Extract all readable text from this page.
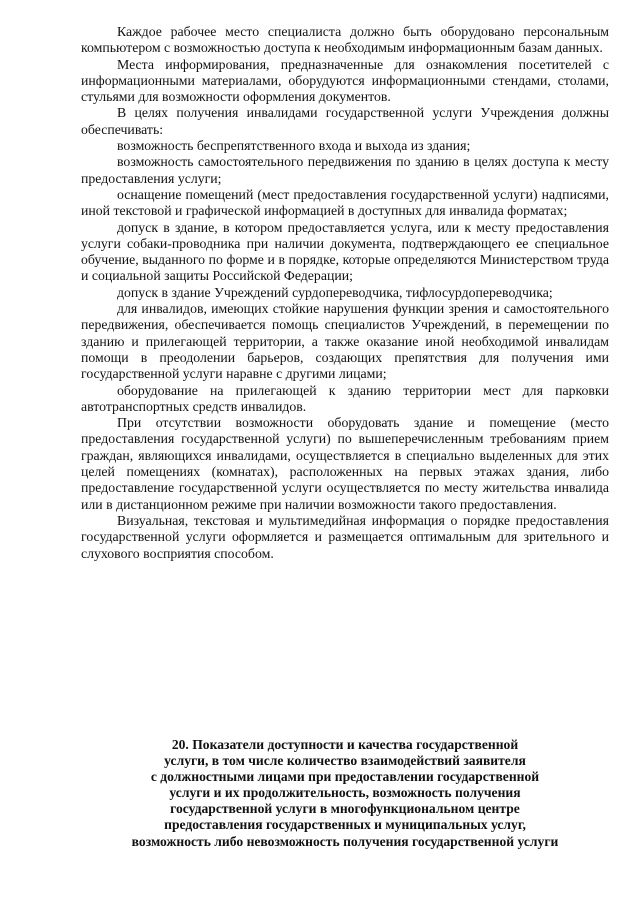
Каждое рабочее место специалиста должно быть оборудовано персональным компьютером с возможностью доступа к необходимым информационным базам данных.

Места информирования, предназначенные для ознакомления посетителей с информационными материалами, оборудуются информационными стендами, столами, стульями для возможности оформления документов.

В целях получения инвалидами государственной услуги Учреждения должны обеспечивать:

возможность беспрепятственного входа и выхода из здания;

возможность самостоятельного передвижения по зданию в целях доступа к месту предоставления услуги;

оснащение помещений (мест предоставления государственной услуги) надписями, иной текстовой и графической информацией в доступных для инвалида форматах;

допуск в здание, в котором предоставляется услуга, или к месту предоставления услуги собаки-проводника при наличии документа, подтверждающего ее специальное обучение, выданного по форме и в порядке, которые определяются Министерством труда и социальной защиты Российской Федерации;

допуск в здание Учреждений сурдопереводчика, тифлосурдопереводчика;

для инвалидов, имеющих стойкие нарушения функции зрения и самостоятельного передвижения, обеспечивается помощь специалистов Учреждений, в перемещении по зданию и прилегающей территории, а также оказание иной необходимой инвалидам помощи в преодолении барьеров, создающих препятствия для получения ими государственной услуги наравне с другими лицами;

оборудование на прилегающей к зданию территории мест для парковки автотранспортных средств инвалидов.

При отсутствии возможности оборудовать здание и помещение (место предоставления государственной услуги) по вышеперечисленным требованиям прием граждан, являющихся инвалидами, осуществляется в специально выделенных для этих целей помещениях (комнатах), расположенных на первых этажах здания, либо предоставление государственной услуги осуществляется по месту жительства инвалида или в дистанционном режиме при наличии возможности такого предоставления.

Визуальная, текстовая и мультимедийная информация о порядке предоставления государственной услуги оформляется и размещается оптимальным для зрительного и слухового восприятия способом.

20. Показатели доступности и качества государственной
услуги, в том числе количество взаимодействий заявителя
с должностными лицами при предоставлении государственной
услуги и их продолжительность, возможность получения
государственной услуги в многофункциональном центре
предоставления государственных и муниципальных услуг,
возможность либо невозможность получения государственной услуги
